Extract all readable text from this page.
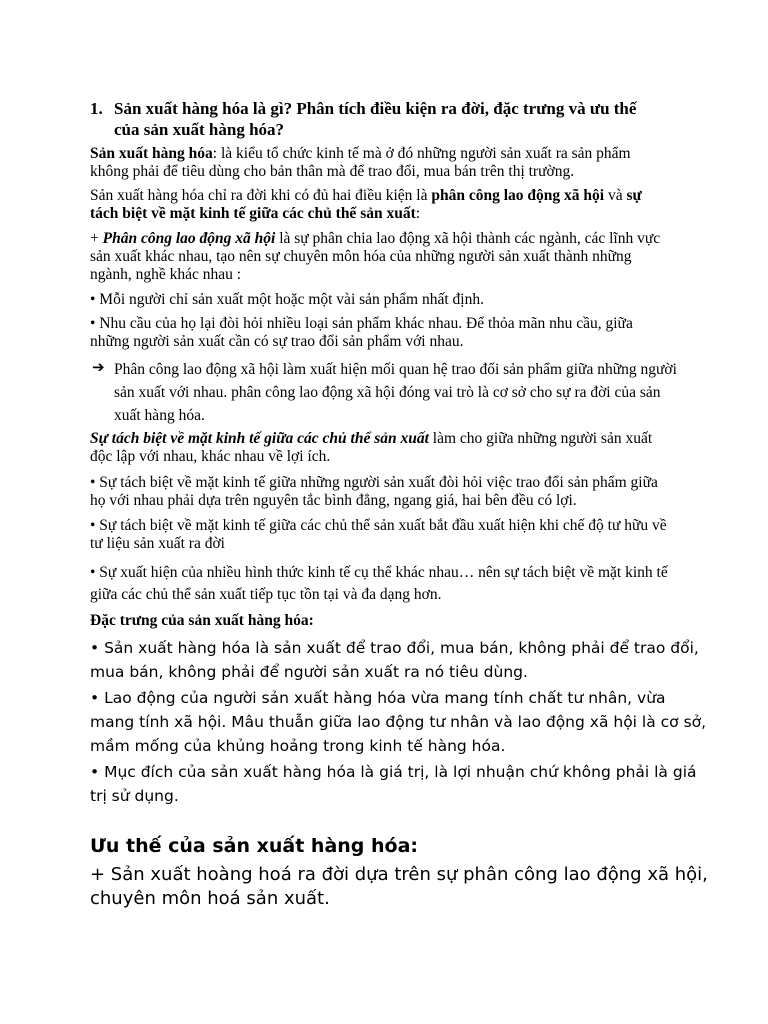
1. Sản xuất hàng hóa là gì? Phân tích điều kiện ra đời, đặc trưng và ưu thế
của sản xuất hàng hóa?
Sản xuất hàng hóa: là kiểu tổ chức kinh tế mà ở đó những người sản xuất ra sản phẩm không phải để tiêu dùng cho bản thân mà để trao đổi, mua bán trên thị trường.
Sản xuất hàng hóa chỉ ra đời khi có đủ hai điều kiện là phân công lao động xã hội và sự tách biệt về mặt kinh tế giữa các chủ thể sản xuất:
+ Phân công lao động xã hội là sự phân chia lao động xã hội thành các ngành, các lĩnh vực sản xuất khác nhau, tạo nên sự chuyên môn hóa của những người sản xuất thành những ngành, nghề khác nhau :
• Mỗi người chỉ sản xuất một hoặc một vài sản phẩm nhất định.
• Nhu cầu của họ lại đòi hỏi nhiều loại sản phẩm khác nhau. Để thỏa mãn nhu cầu, giữa những người sản xuất cần có sự trao đổi sản phẩm với nhau.
➔ Phân công lao động xã hội làm xuất hiện mối quan hệ trao đổi sản phẩm giữa những người sản xuất với nhau. phân công lao động xã hội đóng vai trò là cơ sở cho sự ra đời của sản xuất hàng hóa.
Sự tách biệt về mặt kinh tế giữa các chủ thể sản xuất làm cho giữa những người sản xuất độc lập với nhau, khác nhau về lợi ích.
• Sự tách biệt về mặt kinh tế giữa những người sản xuất đòi hỏi việc trao đổi sản phẩm giữa họ với nhau phải dựa trên nguyên tắc bình đẳng, ngang giá, hai bên đều có lợi.
• Sự tách biệt về mặt kinh tế giữa các chủ thể sản xuất bắt đầu xuất hiện khi chế độ tư hữu về tư liệu sản xuất ra đời
• Sự xuất hiện của nhiều hình thức kinh tế cụ thể khác nhau… nên sự tách biệt về mặt kinh tế giữa các chủ thể sản xuất tiếp tục tồn tại và đa dạng hơn.
Đặc trưng của sản xuất hàng hóa:
• Sản xuất hàng hóa là sản xuất để trao đổi, mua bán, không phải để trao đổi, mua bán, không phải để người sản xuất ra nó tiêu dùng.
• Lao động của người sản xuất hàng hóa vừa mang tính chất tư nhân, vừa mang tính xã hội. Mâu thuẫn giữa lao động tư nhân và lao động xã hội là cơ sở, mầm mống của khủng hoảng trong kinh tế hàng hóa.
• Mục đích của sản xuất hàng hóa là giá trị, là lợi nhuận chứ không phải là giá trị sử dụng.
Ưu thế của sản xuất hàng hóa:
+ Sản xuất hoàng hoá ra đời dựa trên sự phân công lao động xã hội, chuyên môn hoá sản xuất.
